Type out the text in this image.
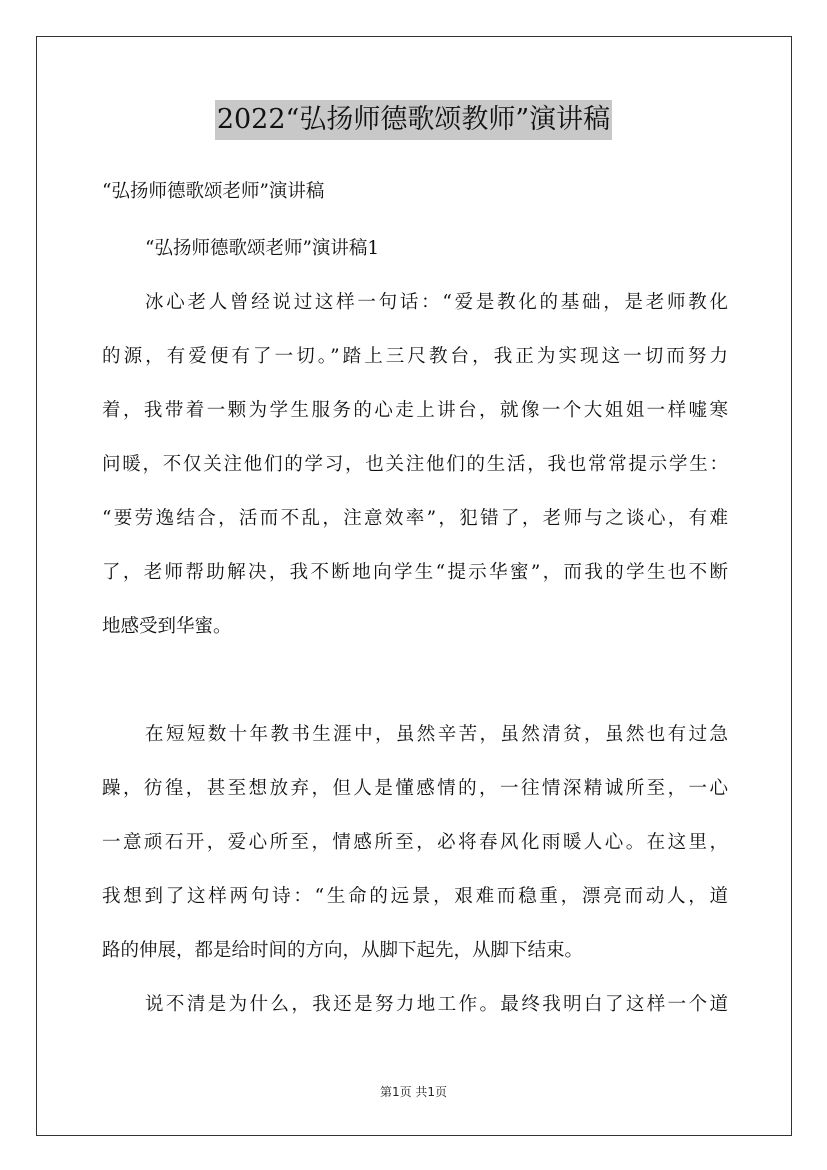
2022“弘扬师德歌颂教师”演讲稿
“弘扬师德歌颂老师”演讲稿
“弘扬师德歌颂老师”演讲稿1
冰心老人曾经说过这样一句话：“爱是教化的基础，是老师教化
的源，有爱便有了一切。”踏上三尺教台，我正为实现这一切而努力
着，我带着一颗为学生服务的心走上讲台，就像一个大姐姐一样嘘寒
问暖，不仅关注他们的学习，也关注他们的生活，我也常常提示学生：
“要劳逸结合，活而不乱，注意效率”，犯错了，老师与之谈心，有难
了，老师帮助解决，我不断地向学生“提示华蜜”，而我的学生也不断
地感受到华蜜。
在短短数十年教书生涯中，虽然辛苦，虽然清贫，虽然也有过急
躁，彷徨，甚至想放弃，但人是懂感情的，一往情深精诚所至，一心
一意顽石开，爱心所至，情感所至，必将春风化雨暖人心。在这里，
我想到了这样两句诗：“生命的远景，艰难而稳重，漂亮而动人，道
路的伸展，都是给时间的方向，从脚下起先，从脚下结束。
说不清是为什么，我还是努力地工作。最终我明白了这样一个道
第1页 共1页
